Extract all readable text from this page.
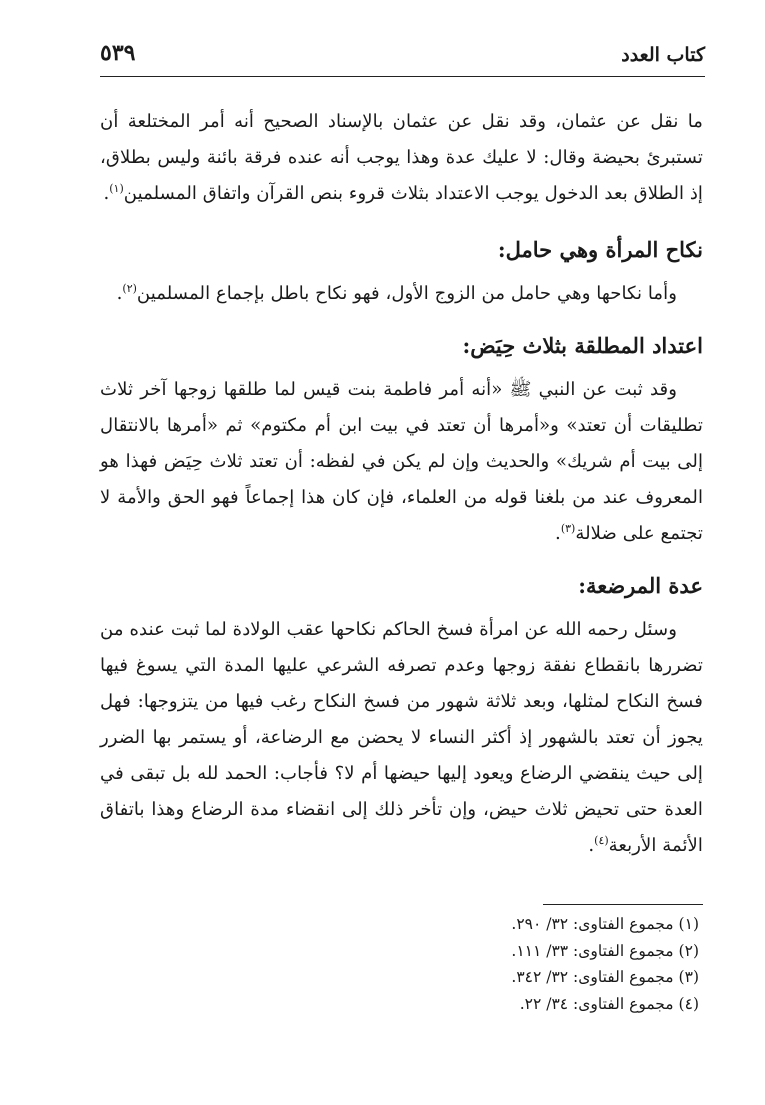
كتاب العدد
٥٣٩

ما نقل عن عثمان، وقد نقل عن عثمان بالإسناد الصحيح أنه أمر المختلعة أن تستبرئ بحيضة وقال: لا عليك عدة وهذا يوجب أنه عنده فرقة بائنة وليس بطلاق، إذ الطلاق بعد الدخول يوجب الاعتداد بثلاث قروء بنص القرآن واتفاق المسلمين$^{(١)}$.

نكاح المرأة وهي حامل:

وأما نكاحها وهي حامل من الزوج الأول، فهو نكاح باطل بإجماع المسلمين$^{(٢)}$.

اعتداد المطلقة بثلاث حِيَض:

وقد ثبت عن النبي ﷺ «أنه أمر فاطمة بنت قيس لما طلقها زوجها آخر ثلاث تطليقات أن تعتد» و«أمرها أن تعتد في بيت ابن أم مكتوم» ثم «أمرها بالانتقال إلى بيت أم شريك» والحديث وإن لم يكن في لفظه: أن تعتد ثلاث حِيَض فهذا هو المعروف عند من بلغنا قوله من العلماء، فإن كان هذا إجماعاً فهو الحق والأمة لا تجتمع على ضلالة$^{(٣)}$.

عدة المرضعة:

وسئل رحمه الله عن امرأة فسخ الحاكم نكاحها عقب الولادة لما ثبت عنده من تضررها بانقطاع نفقة زوجها وعدم تصرفه الشرعي عليها المدة التي يسوغ فيها فسخ النكاح لمثلها، وبعد ثلاثة شهور من فسخ النكاح رغب فيها من يتزوجها: فهل يجوز أن تعتد بالشهور إذ أكثر النساء لا يحضن مع الرضاعة، أو يستمر بها الضرر إلى حيث ينقضي الرضاع ويعود إليها حيضها أم لا؟ فأجاب: الحمد لله بل تبقى في العدة حتى تحيض ثلاث حيض، وإن تأخر ذلك إلى انقضاء مدة الرضاع وهذا باتفاق الأئمة الأربعة$^{(٤)}$.

(١) مجموع الفتاوى: ٣٢/ ٢٩٠.
(٢) مجموع الفتاوى: ٣٣/ ١١١.
(٣) مجموع الفتاوى: ٣٢/ ٣٤٢.
(٤) مجموع الفتاوى: ٣٤/ ٢٢.
